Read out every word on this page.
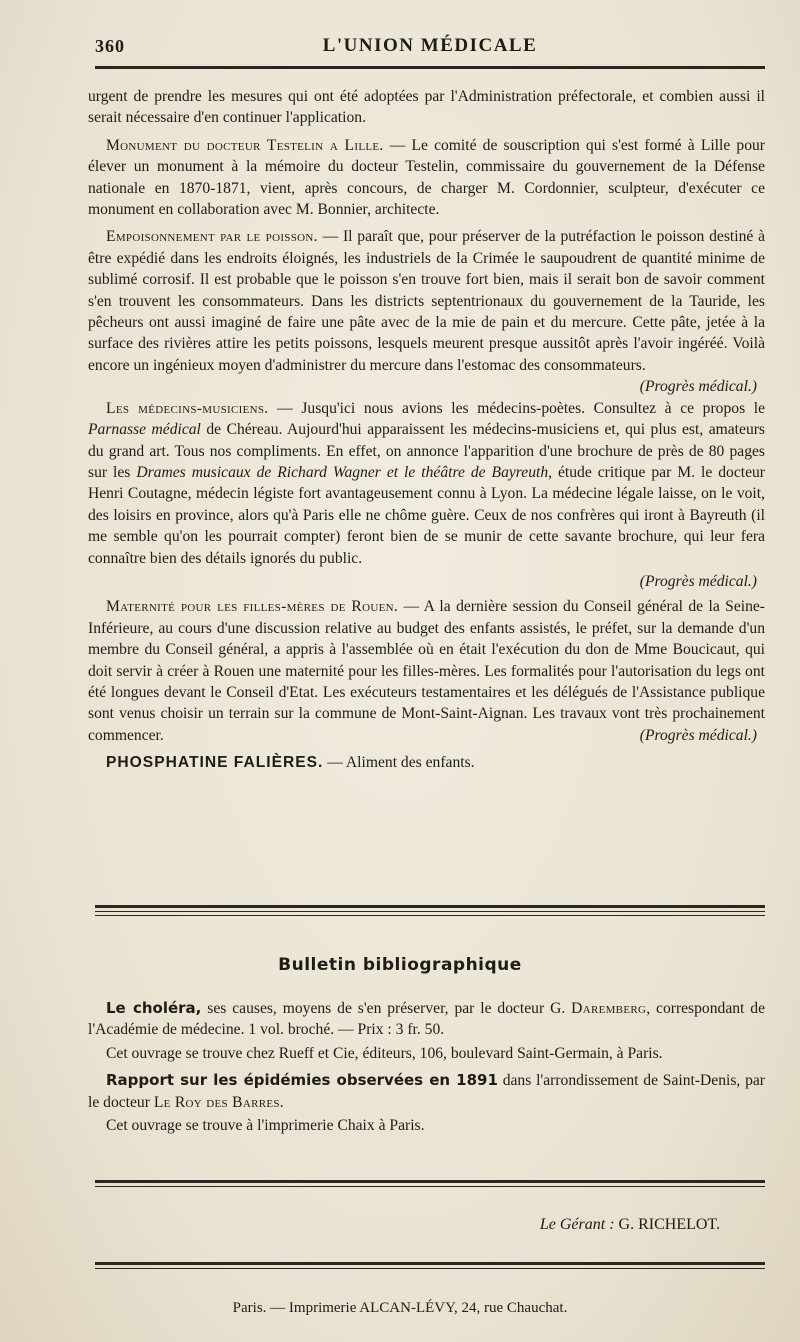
360	L'UNION MÉDICALE

urgent de prendre les mesures qui ont été adoptées par l'Administration préfectorale, et combien aussi il serait nécessaire d'en continuer l'application.

Monument du docteur Testelin a Lille. — Le comité de souscription qui s'est formé à Lille pour élever un monument à la mémoire du docteur Testelin, commissaire du gouvernement de la Défense nationale en 1870-1871, vient, après concours, de charger M. Cordonnier, sculpteur, d'exécuter ce monument en collaboration avec M. Bonnier, architecte.

Empoisonnement par le poisson. — Il paraît que, pour préserver de la putréfaction le poisson destiné à être expédié dans les endroits éloignés, les industriels de la Crimée le saupoudrent de quantité minime de sublimé corrosif. Il est probable que le poisson s'en trouve fort bien, mais il serait bon de savoir comment s'en trouvent les consommateurs. Dans les districts septentrionaux du gouvernement de la Tauride, les pêcheurs ont aussi imaginé de faire une pâte avec de la mie de pain et du mercure. Cette pâte, jetée à la surface des rivières attire les petits poissons, lesquels meurent presque aussitôt après l'avoir ingéréé. Voilà encore un ingénieux moyen d'administrer du mercure dans l'estomac des consommateurs.
(Progrès médical.)

Les médecins-musiciens. — Jusqu'ici nous avions les médecins-poètes. Consultez à ce propos le Parnasse médical de Chéreau. Aujourd'hui apparaissent les médecins-musiciens et, qui plus est, amateurs du grand art. Tous nos compliments. En effet, on annonce l'apparition d'une brochure de près de 80 pages sur les Drames musicaux de Richard Wagner et le théâtre de Bayreuth, étude critique par M. le docteur Henri Coutagne, médecin légiste fort avantageusement connu à Lyon. La médecine légale laisse, on le voit, des loisirs en province, alors qu'à Paris elle ne chôme guère. Ceux de nos confrères qui iront à Bayreuth (il me semble qu'on les pourrait compter) feront bien de se munir de cette savante brochure, qui leur fera connaître bien des détails ignorés du public.

(Progrès médical.)

Maternité pour les filles-mères de Rouen. — A la dernière session du Conseil général de la Seine-Inférieure, au cours d'une discussion relative au budget des enfants assistés, le préfet, sur la demande d'un membre du Conseil général, a appris à l'assemblée où en était l'exécution du don de Mme Boucicaut, qui doit servir à créer à Rouen une maternité pour les filles-mères. Les formalités pour l'autorisation du legs ont été longues devant le Conseil d'Etat. Les exécuteurs testamentaires et les délégués de l'Assistance publique sont venus choisir un terrain sur la commune de Mont-Saint-Aignan. Les travaux vont très prochainement commencer.	(Progrès médical.)

PHOSPHATINE FALIÈRES. — Aliment des enfants.

Bulletin bibliographique

Le choléra, ses causes, moyens de s'en préserver, par le docteur G. Daremberg, correspondant de l'Académie de médecine. 1 vol. broché. — Prix : 3 fr. 50.

Cet ouvrage se trouve chez Rueff et Cie, éditeurs, 106, boulevard Saint-Germain, à Paris.

Rapport sur les épidémies observées en 1891 dans l'arrondissement de Saint-Denis, par le docteur Le Roy des Barres.

Cet ouvrage se trouve à l'imprimerie Chaix à Paris.

Le Gérant : G. RICHELOT.
Paris. — Imprimerie ALCAN-LÉVY, 24, rue Chauchat.
